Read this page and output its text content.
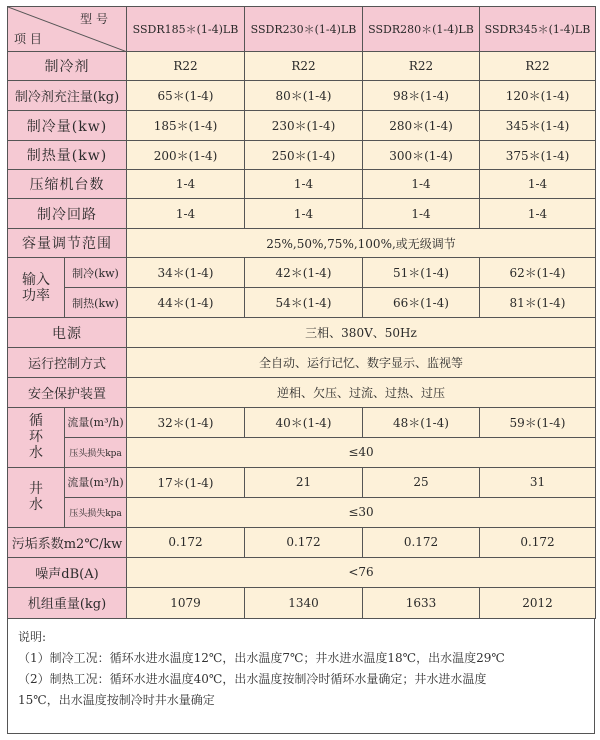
型 号
项 目		SSDR185＊(1-4)LB	SSDR230＊(1-4)LB	SSDR280＊(1-4)LB	SSDR345＊(1-4)LB
制冷剂		R22	R22	R22	R22
制冷剂充注量(kg)		65＊(1-4)	80＊(1-4)	98＊(1-4)	120＊(1-4)
制冷量(kw)		185＊(1-4)	230＊(1-4)	280＊(1-4)	345＊(1-4)
制热量(kw)		200＊(1-4)	250＊(1-4)	300＊(1-4)	375＊(1-4)
压缩机台数		1-4	1-4	1-4	1-4
制冷回路		1-4	1-4	1-4	1-4
容量调节范围		25%,50%,75%,100%,或无级调节			
输入
功率	制冷(kw)	34＊(1-4)	42＊(1-4)	51＊(1-4)	62＊(1-4)
	制热(kw)	44＊(1-4)	54＊(1-4)	66＊(1-4)	81＊(1-4)
电源		三相、380V、50Hz			
运行控制方式		全自动、运行记忆、数字显示、监视等			
安全保护装置		逆相、欠压、过流、过热、过压			
循
环
水	流量(m³/h)	32＊(1-4)	40＊(1-4)	48＊(1-4)	59＊(1-4)
	压头损失kpa	≤40			
井
水	流量(m³/h)	17＊(1-4)	21	25	31
	压头损失kpa	≤30			
污垢系数m2℃/kw		0.172	0.172	0.172	0.172
噪声dB(A)		<76			
机组重量(kg)		1079	1340	1633	2012
说明:
（1）制冷工况：循环水进水温度12℃，出水温度7℃；井水进水温度18℃，出水温度29℃
（2）制热工况：循环水进水温度40℃，出水温度按制冷时循环水量确定；井水进水温度
15℃，出水温度按制冷时井水量确定
